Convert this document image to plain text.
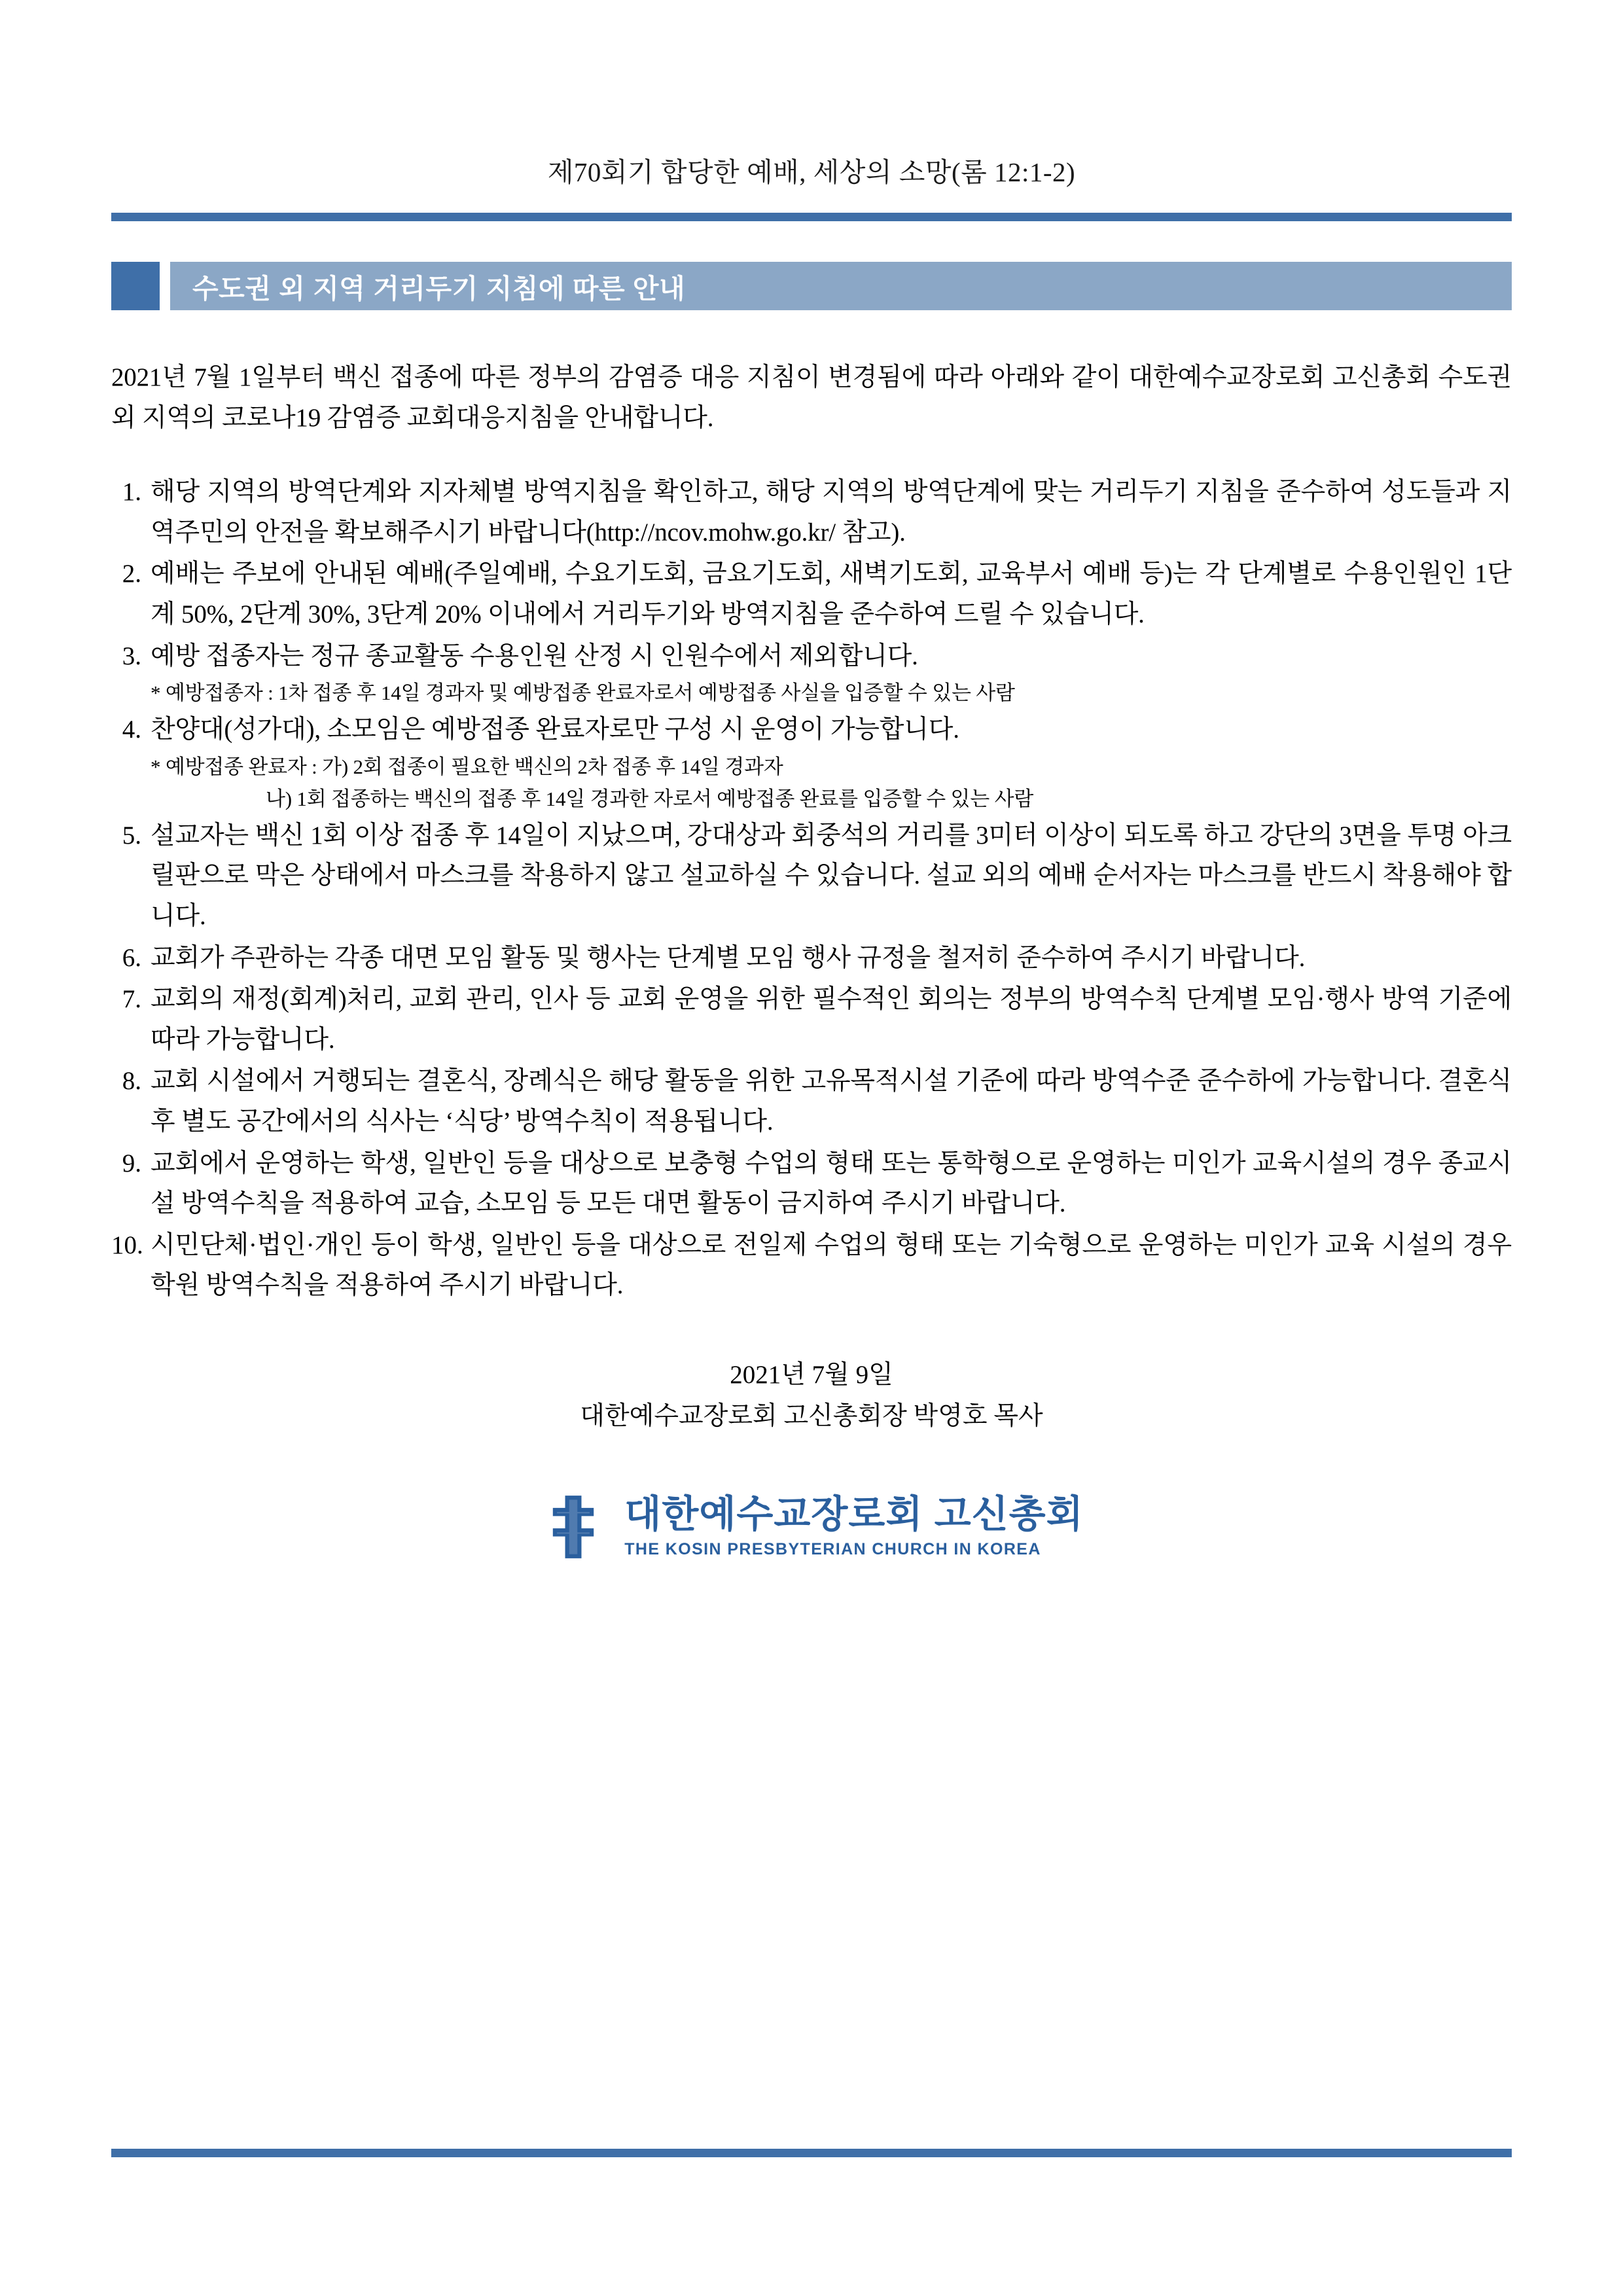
제70회기 합당한 예배, 세상의 소망(롬 12:1-2)
수도권 외 지역 거리두기 지침에 따른 안내
2021년 7월 1일부터 백신 접종에 따른 정부의 감염증 대응 지침이 변경됨에 따라 아래와 같이 대한예수교장로회 고신총회 수도권 외 지역의 코로나19 감염증 교회대응지침을 안내합니다.
1. 해당 지역의 방역단계와 지자체별 방역지침을 확인하고, 해당 지역의 방역단계에 맞는 거리두기 지침을 준수하여 성도들과 지역주민의 안전을 확보해주시기 바랍니다(http://ncov.mohw.go.kr/ 참고).
2. 예배는 주보에 안내된 예배(주일예배, 수요기도회, 금요기도회, 새벽기도회, 교육부서 예배 등)는 각 단계별로 수용인원인 1단계 50%, 2단계 30%, 3단계 20% 이내에서 거리두기와 방역지침을 준수하여 드릴 수 있습니다.
3. 예방 접종자는 정규 종교활동 수용인원 산정 시 인원수에서 제외합니다.
* 예방접종자 : 1차 접종 후 14일 경과자 및 예방접종 완료자로서 예방접종 사실을 입증할 수 있는 사람
4. 찬양대(성가대), 소모임은 예방접종 완료자로만 구성 시 운영이 가능합니다.
* 예방접종 완료자 : 가) 2회 접종이 필요한 백신의 2차 접종 후 14일 경과자
나) 1회 접종하는 백신의 접종 후 14일 경과한 자로서 예방접종 완료를 입증할 수 있는 사람
5. 설교자는 백신 1회 이상 접종 후 14일이 지났으며, 강대상과 회중석의 거리를 3미터 이상이 되도록 하고 강단의 3면을 투명 아크릴판으로 막은 상태에서 마스크를 착용하지 않고 설교하실 수 있습니다. 설교 외의 예배 순서자는 마스크를 반드시 착용해야 합니다.
6. 교회가 주관하는 각종 대면 모임 활동 및 행사는 단계별 모임 행사 규정을 철저히 준수하여 주시기 바랍니다.
7. 교회의 재정(회계)처리, 교회 관리, 인사 등 교회 운영을 위한 필수적인 회의는 정부의 방역수칙 단계별 모임·행사 방역 기준에 따라 가능합니다.
8. 교회 시설에서 거행되는 결혼식, 장례식은 해당 활동을 위한 고유목적시설 기준에 따라 방역수준 준수하에 가능합니다. 결혼식 후 별도 공간에서의 식사는 ‘식당’ 방역수칙이 적용됩니다.
9. 교회에서 운영하는 학생, 일반인 등을 대상으로 보충형 수업의 형태 또는 통학형으로 운영하는 미인가 교육시설의 경우 종교시설 방역수칙을 적용하여 교습, 소모임 등 모든 대면 활동이 금지하여 주시기 바랍니다.
10. 시민단체·법인·개인 등이 학생, 일반인 등을 대상으로 전일제 수업의 형태 또는 기숙형으로 운영하는 미인가 교육 시설의 경우 학원 방역수칙을 적용하여 주시기 바랍니다.
2021년 7월 9일
대한예수교장로회 고신총회장 박영호 목사
대한예수교장로회 고신총회
THE KOSIN PRESBYTERIAN CHURCH IN KOREA
